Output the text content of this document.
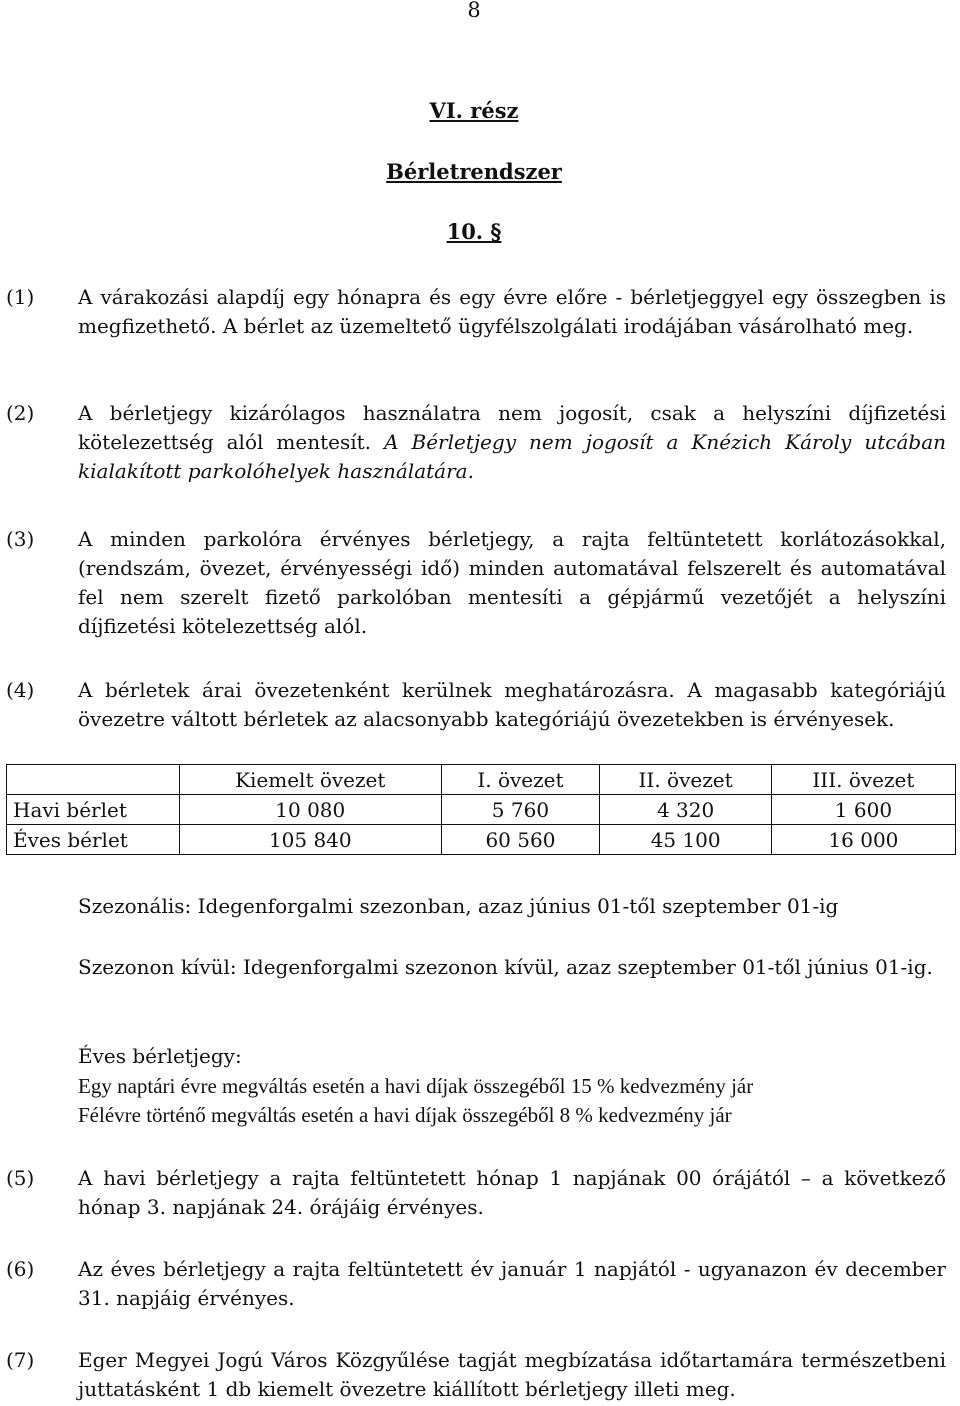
8
VI. rész
Bérletrendszer
10. §
(1) A várakozási alapdíj egy hónapra és egy évre előre - bérletjeggyel egy összegben is megfizethető. A bérlet az üzemeltető ügyfélszolgálati irodájában vásárolható meg.
(2) A bérletjegy kizárólagos használatra nem jogosít, csak a helyszíni díjfizetési kötelezettség alól mentesít. A Bérletjegy nem jogosít a Knézich Károly utcában kialakított parkolóhelyek használatára.
(3) A minden parkolóra érvényes bérletjegy, a rajta feltüntetett korlátozásokkal, (rendszám, övezet, érvényességi idő) minden automatával felszerelt és automatával fel nem szerelt fizető parkolóban mentesíti a gépjármű vezetőjét a helyszíni díjfizetési kötelezettség alól.
(4) A bérletek árai övezetenként kerülnek meghatározásra. A magasabb kategóriájú övezetre váltott bérletek az alacsonyabb kategóriájú övezetekben is érvényesek.
	Kiemelt övezet	I. övezet	II. övezet	III. övezet
Havi bérlet	10 080	5 760	4 320	1 600
Éves bérlet	105 840	60 560	45 100	16 000
Szezonális: Idegenforgalmi szezonban, azaz június 01-től szeptember 01-ig
Szezonon kívül: Idegenforgalmi szezonon kívül, azaz szeptember 01-től június 01-ig.
Éves bérletjegy:
Egy naptári évre megváltás esetén a havi díjak összegéből 15 % kedvezmény jár
Félévre történő megváltás esetén a havi díjak összegéből 8 % kedvezmény jár
(5) A havi bérletjegy a rajta feltüntetett hónap 1 napjának 00 órájától – a következő hónap 3. napjának 24. órájáig érvényes.
(6) Az éves bérletjegy a rajta feltüntetett év január 1 napjától - ugyanazon év december 31. napjáig érvényes.
(7) Eger Megyei Jogú Város Közgyűlése tagját megbízatása időtartamára természetbeni juttatásként 1 db kiemelt övezetre kiállított bérletjegy illeti meg.
